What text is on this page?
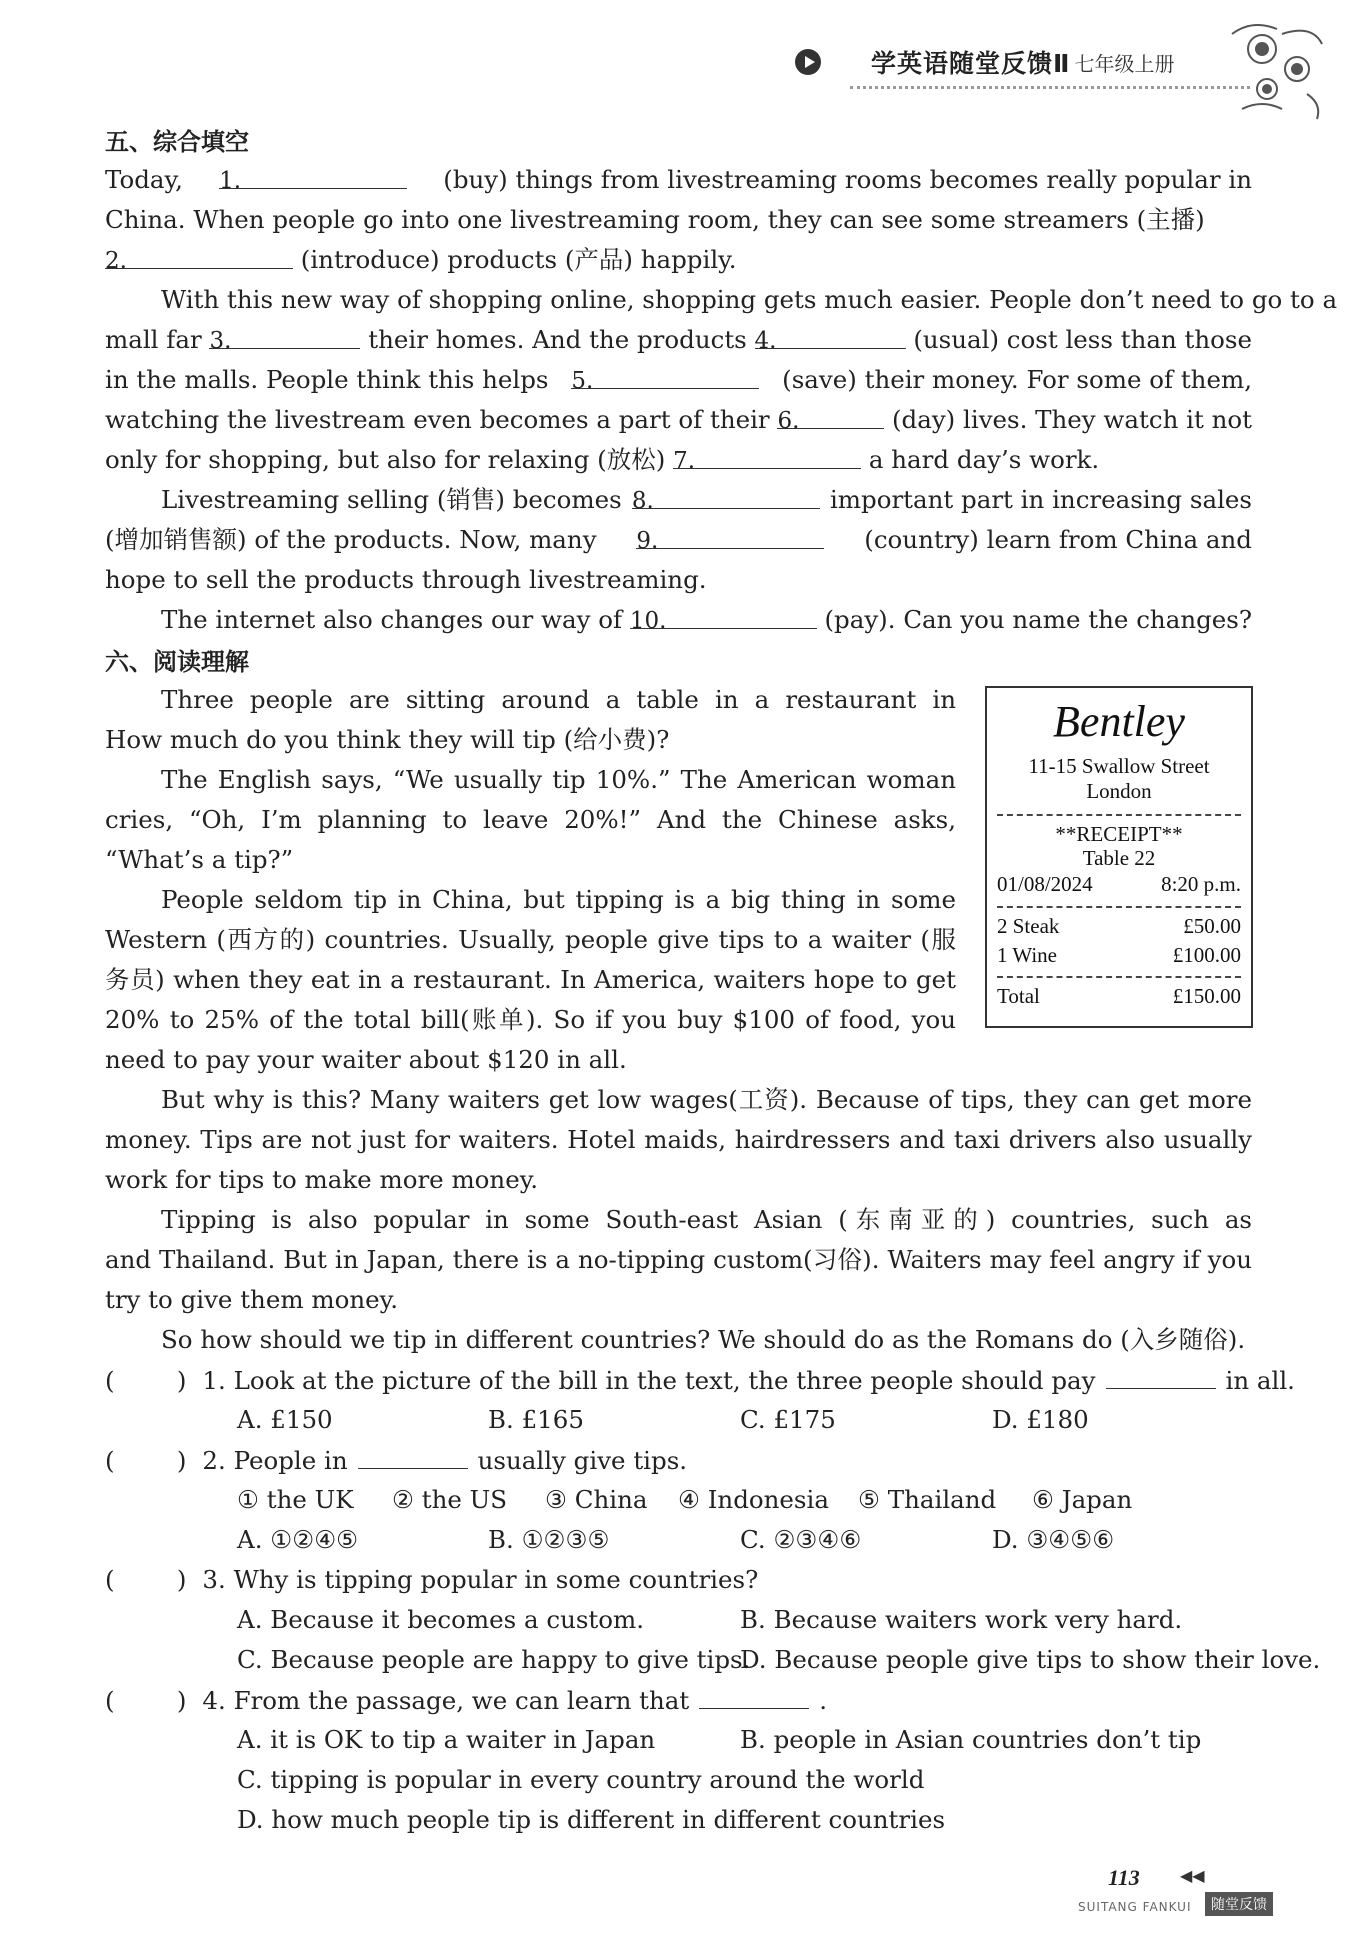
学英语随堂反馈Ⅱ 七年级上册
五、综合填空
Today, 1.	(buy) things from livestreaming rooms becomes really popular in
China. When people go into one livestreaming room, they can see some streamers (主播)
2.	(introduce) products (产品) happily.
With this new way of shopping online, shopping gets much easier. People don’t need to go to a
mall far 3.	their homes. And the products 4.	(usual) cost less than those
in the malls. People think this helps 5.	(save) their money. For some of them,
watching the livestream even becomes a part of their 6.	(day) lives. They watch it not
only for shopping, but also for relaxing (放松) 7.	a hard day’s work.
Livestreaming selling (销售) becomes 8.	important part in increasing sales
(增加销售额) of the products. Now, many 9.	(country) learn from China and
hope to sell the products through livestreaming.
The internet also changes our way of 10.	(pay). Can you name the changes?
六、阅读理解
Three people are sitting around a table in a restaurant in
How much do you think they will tip (给小费)?
The English says, “We usually tip 10%.” The American woman
cries, “Oh, I’m planning to leave 20%!” And the Chinese asks,
“What’s a tip?”
People seldom tip in China, but tipping is a big thing in some
Western (西方的) countries. Usually, people give tips to a waiter (服
务员) when they eat in a restaurant. In America, waiters hope to get
20% to 25% of the total bill(账单). So if you buy $100 of food, you
need to pay your waiter about $120 in all.
But why is this? Many waiters get low wages(工资). Because of tips, they can get more
money. Tips are not just for waiters. Hotel maids, hairdressers and taxi drivers also usually
work for tips to make more money.
Tipping is also popular in some South-east Asian (东南亚的) countries, such as
and Thailand. But in Japan, there is a no-tipping custom(习俗). Waiters may feel angry if you
try to give them money.
So how should we tip in different countries? We should do as the Romans do (入乡随俗).
Bentley
11-15 Swallow Street
London
**RECEIPT**
Table 22
01/08/2024	8:20 p.m.
2 Steak	£50.00
1 Wine	£100.00
Total	£150.00
(        ) 1. Look at the picture of the bill in the text, the three people should pay	in all.
A. £150	B. £165	C. £175	D. £180
(        ) 2. People in	usually give tips.
① the UK ② the US ③ China ④ Indonesia ⑤ Thailand ⑥ Japan
A. ①②④⑤	B. ①②③⑤	C. ②③④⑥	D. ③④⑤⑥
(        ) 3. Why is tipping popular in some countries?
A. Because it becomes a custom.	B. Because waiters work very hard.
C. Because people are happy to give tips.
D. Because people give tips to show their love.
(        ) 4. From the passage, we can learn that	.
A. it is OK to tip a waiter in Japan	B. people in Asian countries don’t tip
C. tipping is popular in every country around the world
D. how much people tip is different in different countries
113	◀◀
SUITANG FANKUI	随堂反馈
